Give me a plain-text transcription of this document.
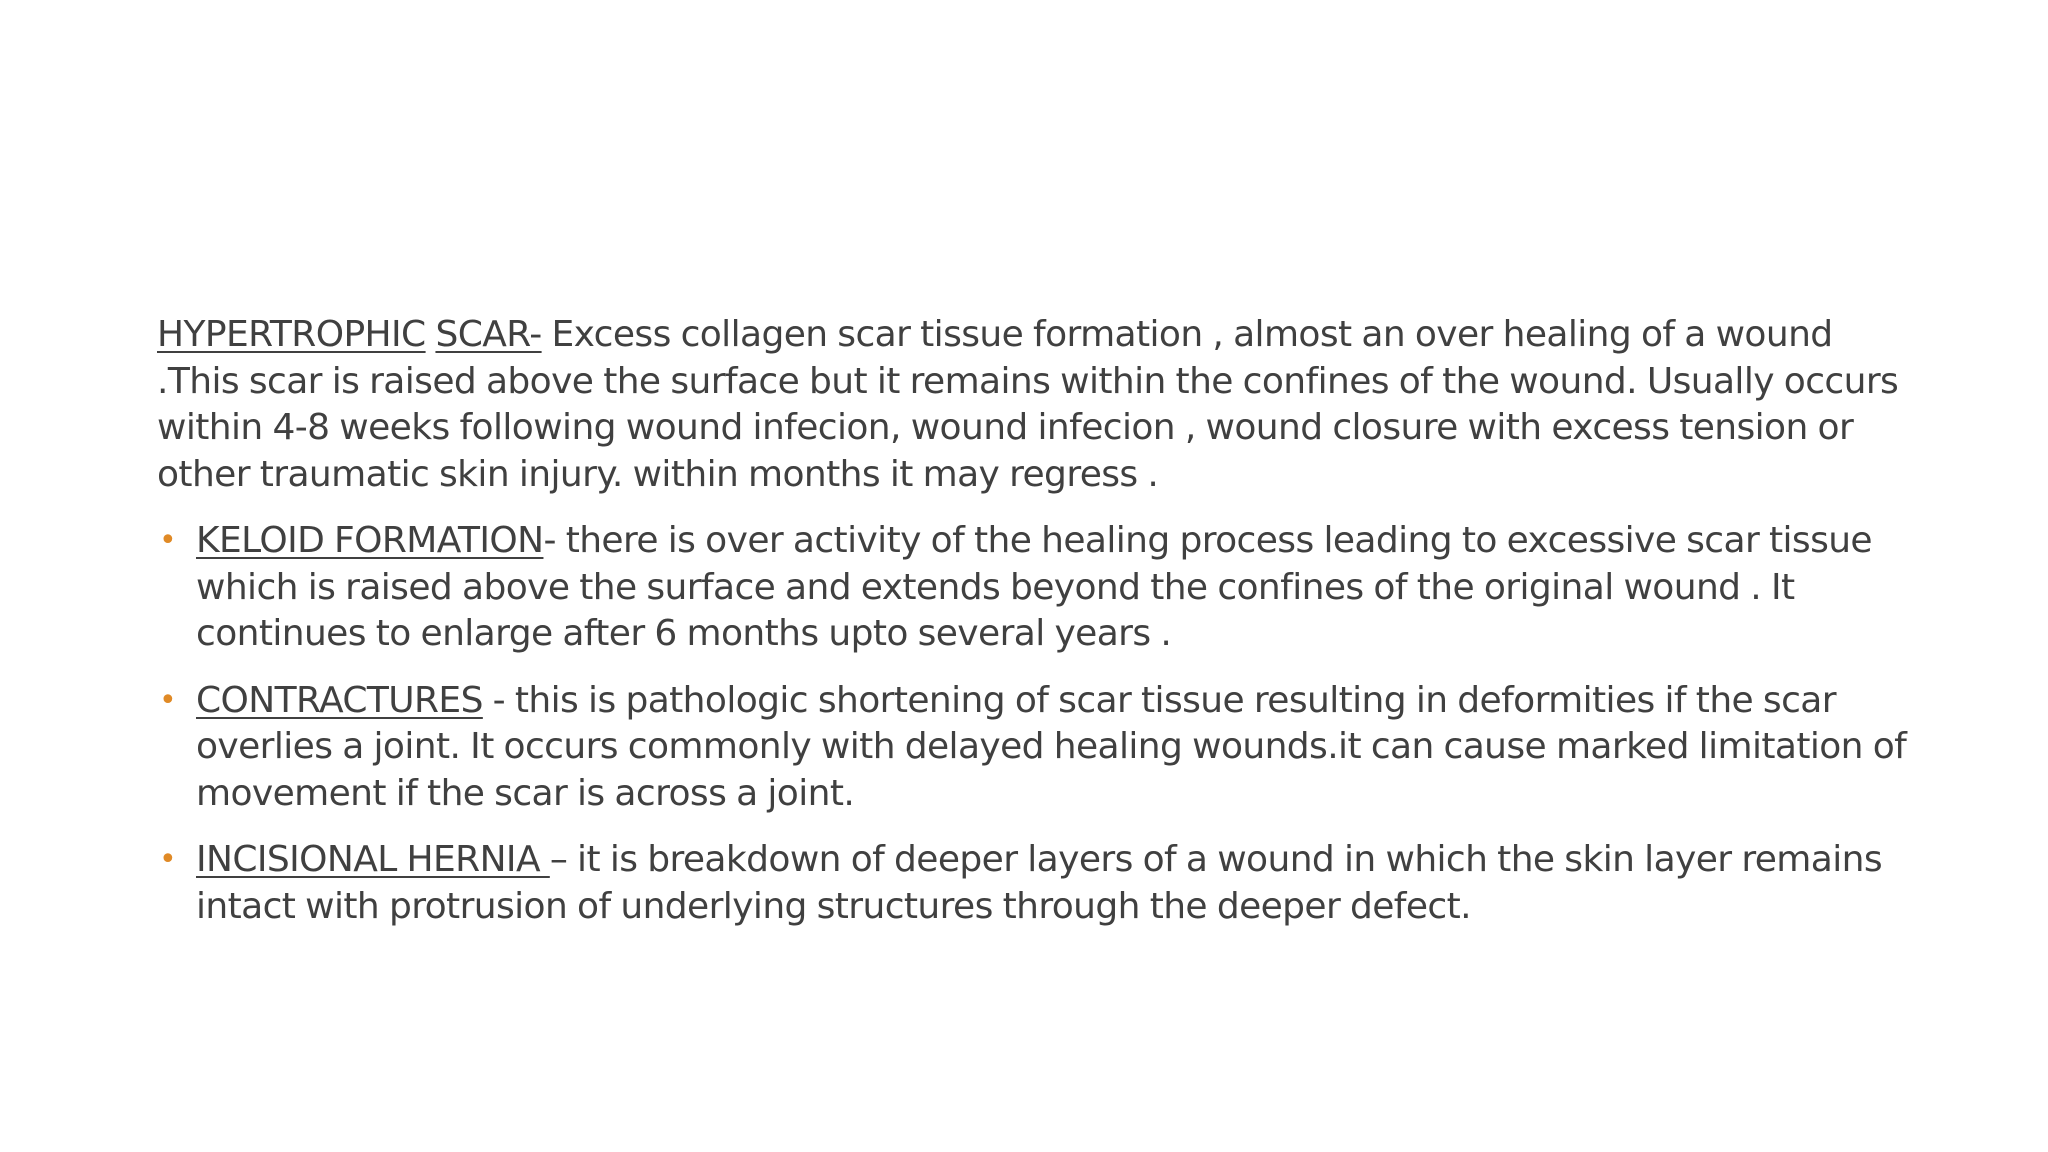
HYPERTROPHIC SCAR- Excess collagen scar tissue formation , almost an over healing of a wound .This scar is raised above the surface but it remains within the confines of the wound. Usually occurs within 4-8 weeks following wound infecion, wound infecion , wound closure with excess tension or other traumatic skin injury. within months it may regress .

• KELOID FORMATION- there is over activity of the healing process leading to excessive scar tissue which is raised above the surface and extends beyond the confines of the original wound . It continues to enlarge after 6 months upto several years .
• CONTRACTURES - this is pathologic shortening of scar tissue resulting in deformities if the scar overlies a joint. It occurs commonly with delayed healing wounds.it can cause marked limitation of movement if the scar is across a joint.
• INCISIONAL HERNIA – it is breakdown of deeper layers of a wound in which the skin layer remains intact with protrusion of underlying structures through the deeper defect.
